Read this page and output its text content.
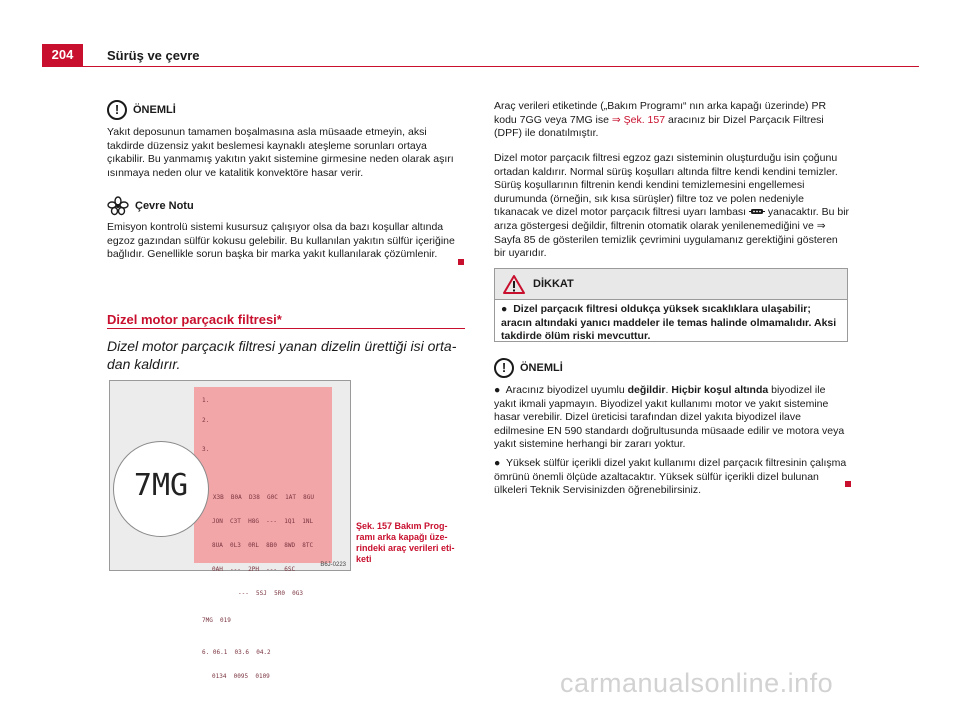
204	Sürüş ve çevre
!	ÖNEMLİ

Yakıt deposunun tamamen boşalmasına asla müsaade etmeyin, aksi takdirde düzensiz yakıt beslemesi kaynaklı ateşleme sorunları ortaya çıkabilir. Bu yanmamış yakıtın yakıt sistemine girmesine neden olarak aşırı ısınmaya neden olur ve katalitik konvektöre hasar verir.

Çevre Notu

Emisyon kontrolü sistemi kusursuz çalışıyor olsa da bazı koşullar altında egzoz gazından sülfür kokusu gelebilir. Bu kullanılan yakıtın sülfür içeriğine bağlıdır. Genellikle sorun başka bir marka yakıt kullanılarak çözümlenir.

Dizel motor parçacık filtresi*
Dizel motor parçacık filtresi yanan dizelin ürettiği isi orta-dan kaldırır.
1.
2.
3.

X3B  B0A  D38  G0C  1AT  8GU

JON  C3T  H8G  ---  1Q1  1NL

8UA  0L3  0RL  8B0  8WD  8TC

0AH  ---  2PH  ---  6SC

---  5SJ  5R0  0G3

7MG  019

6. 06.1  03.6  04.2

0134  0095  0109

7MG
B6J-0223
Şek. 157 Bakım Prog-ramı arka kapağı üze-rindeki araç verileri eti-keti

Araç verileri etiketinde („Bakım Programı“ nın arka kapağı üzerinde) PR kodu 7GG veya 7MG ise ⇒ Şek. 157 aracınız bir Dizel Parçacık Filtresi (DPF) ile donatılmıştır.

Dizel motor parçacık filtresi egzoz gazı sisteminin oluşturduğu isin çoğunu ortadan kaldırır. Normal sürüş koşulları altında filtre kendi kendini temizler. Sürüş koşullarının filtrenin kendi kendini temizlemesini engellemesi durumunda (örneğin, sık kısa sürüşler) filtre toz ve polen nedeniyle tıkanacak ve dizel motor parçacık filtresi uyarı lambası  yanacaktır. Bu bir arıza göstergesi değildir, filtrenin otomatik olarak yenilenemediğini ve ⇒ Sayfa 85 de gösterilen temizlik çevrimini uygulamanız gerektiğini gösteren bir uyarıdır.

DİKKAT

● Dizel parçacık filtresi oldukça yüksek sıcaklıklara ulaşabilir; aracın altındaki yanıcı maddeler ile temas halinde olmamalıdır. Aksi takdirde ölüm riski mevcuttur.

!	ÖNEMLİ

●  Aracınız biyodizel uyumlu değildir. Hiçbir koşul altında biyodizel ile yakıt ikmali yapmayın. Biyodizel yakıt kullanımı motor ve yakıt sistemine hasar verebilir. Dizel üreticisi tarafından dizel yakıta biyodizel ilave edilmesine EN 590 standardı doğrultusunda müsaade edilir ve motora veya yakıt sistemine herhangi bir zararı yoktur.

●  Yüksek sülfür içerikli dizel yakıt kullanımı dizel parçacık filtresinin çalışma ömrünü önemli ölçüde azaltacaktır. Yüksek sülfür içerikli dizel bulunan ülkeleri Teknik Servisinizden öğrenebilirsiniz.

carmanualsonline.info
